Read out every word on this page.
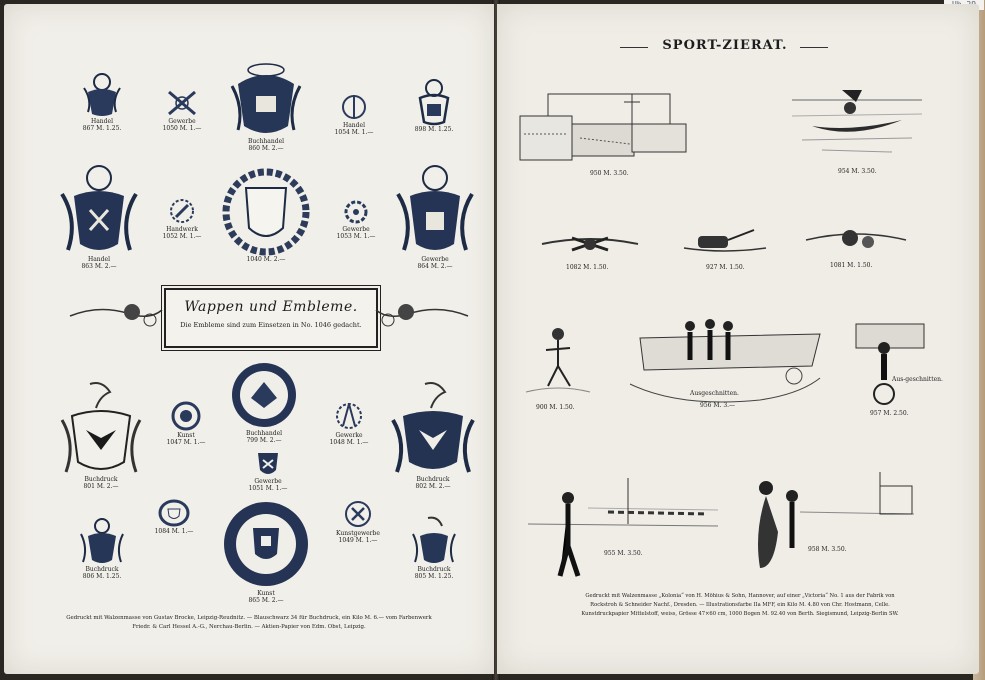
Handel
867 M. 1.25.
Gewerbe
1050 M. 1.—
Buchhandel
860 M. 2.—
Handel
1054 M. 1.—	898 M. 1.25.
Handel
863 M. 2.—
Handwerk
1052 M. 1.—
1040 M. 2.—
Gewerbe
1053 M. 1.—
Gewerbe
864 M. 2.—
Wappen und Embleme.
Die Embleme sind zum Einsetzen in No. 1046 gedacht.
Buchdruck
801 M. 2.—
Kunst
1047 M. 1.—
Buchhandel
799 M. 2.—
Gewerbe
1051 M. 1.—
Gewerke
1048 M. 1.—
Buchdruck
802 M. 2.—
Buchdruck
806 M. 1.25.
1084 M. 1.—
Kunst
865 M. 2.—
Kunstgewerbe
1049 M. 1.—
Buchdruck
805 M. 1.25.
Gedruckt mit Walzenmasse von Gustav Brocke, Leipzig-Reudnitz. — Blauschwarz 34 für Buchdruck, ein Kilo M. 6.— vom Farbenwerk
Friedr. & Carl Hessel A.-G., Nerchau-Berlin. — Aktien-Papier von Edm. Obst, Leipzig.
SPORT-ZIERAT.
950 M. 3.50.	954 M. 3.50.
1082 M. 1.50.	927 M. 1.50.	1081 M. 1.50.
900 M. 1.50.
Ausgeschnitten.
956 M. 3.—
Aus-geschnitten.
957 M. 2.50.
955 M. 3.50.
958 M. 3.50.
Gedruckt mit Walzenmasse „Kolonia“ von H. Möhius & Sohn, Hannover, auf einer „Victoria“ No. 1 aus der Fabrik von
Rockstroh & Schneider Nachf., Dresden. — Illustrationsfarbe IIa MFF, ein Kilo M. 4.80 von Chr. Hostmann, Celle.
Kunstdruckpapier Mittelstoff, weiss, Grösse 47×60 cm, 1000 Bogen M. 92.40 von Berth. Siegismund, Leipzig-Berlin SW.
